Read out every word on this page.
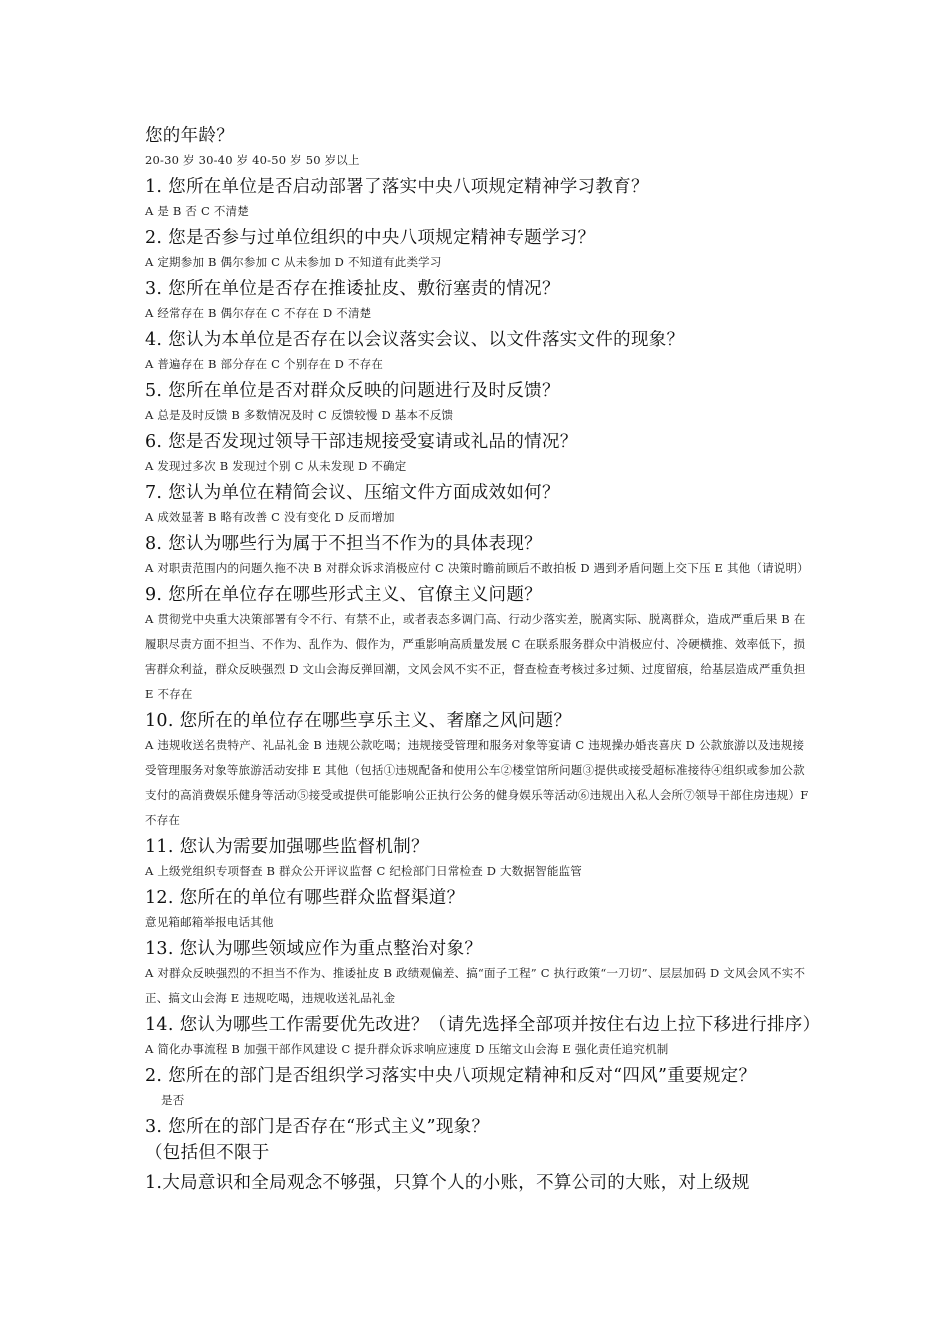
您的年龄？

20-30 岁 30-40 岁 40-50 岁 50 岁以上

1. 您所在单位是否启动部署了落实中央八项规定精神学习教育？

A 是 B 否 C 不清楚

2. 您是否参与过单位组织的中央八项规定精神专题学习？

A 定期参加 B 偶尔参加 C 从未参加 D 不知道有此类学习

3. 您所在单位是否存在推诿扯皮、敷衍塞责的情况？

A 经常存在 B 偶尔存在 C 不存在 D 不清楚

4. 您认为本单位是否存在以会议落实会议、以文件落实文件的现象？

A 普遍存在 B 部分存在 C 个别存在 D 不存在

5. 您所在单位是否对群众反映的问题进行及时反馈？

A 总是及时反馈 B 多数情况及时 C 反馈较慢 D 基本不反馈

6. 您是否发现过领导干部违规接受宴请或礼品的情况？

A 发现过多次 B 发现过个别 C 从未发现 D 不确定

7. 您认为单位在精简会议、压缩文件方面成效如何？

A 成效显著 B 略有改善 C 没有变化 D 反而增加

8. 您认为哪些行为属于不担当不作为的具体表现？

A 对职责范围内的问题久拖不决 B 对群众诉求消极应付 C 决策时瞻前顾后不敢拍板 D 遇到矛盾问题上交下压 E 其他（请说明）

9. 您所在单位存在哪些形式主义、官僚主义问题？

A 贯彻党中央重大决策部署有令不行、有禁不止，或者表态多调门高、行动少落实差，脱离实际、脱离群众，造成严重后果 B 在履职尽责方面不担当、不作为、乱作为、假作为，严重影响高质量发展 C 在联系服务群众中消极应付、冷硬横推、效率低下，损害群众利益，群众反映强烈 D 文山会海反弹回潮，文风会风不实不正，督查检查考核过多过频、过度留痕，给基层造成严重负担 E 不存在

10. 您所在的单位存在哪些享乐主义、奢靡之风问题？

A 违规收送名贵特产、礼品礼金 B 违规公款吃喝；违规接受管理和服务对象等宴请 C 违规操办婚丧喜庆 D 公款旅游以及违规接受管理服务对象等旅游活动安排 E 其他（包括①违规配备和使用公车②楼堂馆所问题③提供或接受超标准接待④组织或参加公款支付的高消费娱乐健身等活动⑤接受或提供可能影响公正执行公务的健身娱乐等活动⑥违规出入私人会所⑦领导干部住房违规）F 不存在

11. 您认为需要加强哪些监督机制？

A 上级党组织专项督查 B 群众公开评议监督 C 纪检部门日常检查 D 大数据智能监管

12. 您所在的单位有哪些群众监督渠道？

意见箱邮箱举报电话其他

13. 您认为哪些领域应作为重点整治对象？

A 对群众反映强烈的不担当不作为、推诿扯皮 B 政绩观偏差、搞“面子工程” C 执行政策“一刀切”、层层加码 D 文风会风不实不正、搞文山会海 E 违规吃喝，违规收送礼品礼金

14. 您认为哪些工作需要优先改进？（请先选择全部项并按住右边上拉下移进行排序）

A 简化办事流程 B 加强干部作风建设 C 提升群众诉求响应速度 D 压缩文山会海 E 强化责任追究机制

2. 您所在的部门是否组织学习落实中央八项规定精神和反对“四风”重要规定？

是否

3. 您所在的部门是否存在“形式主义”现象？

（包括但不限于

1.大局意识和全局观念不够强，只算个人的小账，不算公司的大账，对上级规
